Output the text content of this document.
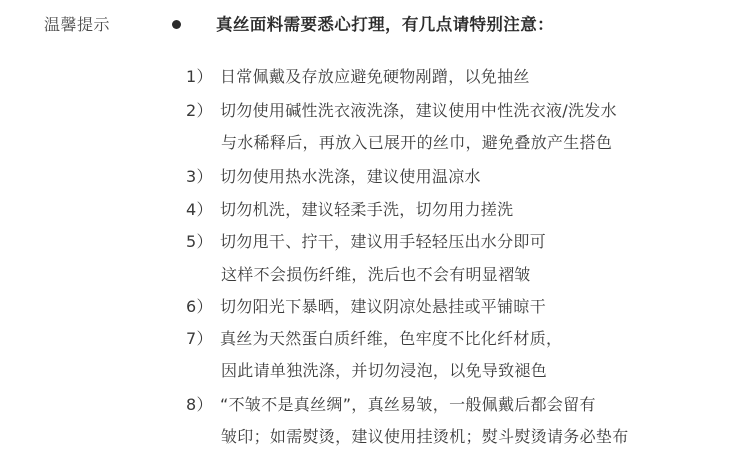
温馨提示	真丝面料需要悉心打理，有几点请特别注意：
1） 日常佩戴及存放应避免硬物剐蹭，以免抽丝
2） 切勿使用碱性洗衣液洗涤，建议使用中性洗衣液/洗发水
与水稀释后，再放入已展开的丝巾，避免叠放产生搭色
3） 切勿使用热水洗涤，建议使用温凉水
4） 切勿机洗，建议轻柔手洗，切勿用力搓洗
5） 切勿甩干、拧干，建议用手轻轻压出水分即可
这样不会损伤纤维，洗后也不会有明显褶皱
6） 切勿阳光下暴晒，建议阴凉处悬挂或平铺晾干
7） 真丝为天然蛋白质纤维，色牢度不比化纤材质，
因此请单独洗涤，并切勿浸泡，以免导致褪色
8） “不皱不是真丝绸”，真丝易皱，一般佩戴后都会留有
皱印；如需熨烫，建议使用挂烫机；熨斗熨烫请务必垫布
